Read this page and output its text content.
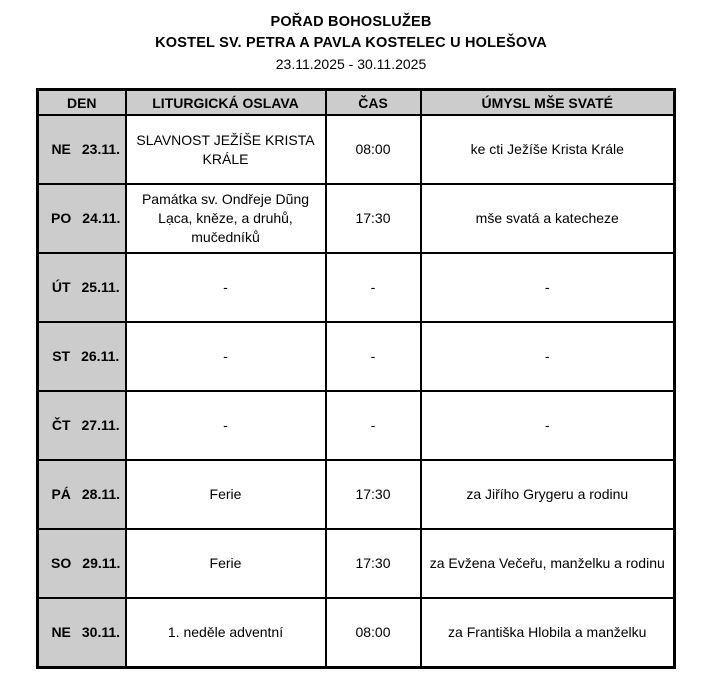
POŘAD BOHOSLUŽEB
KOSTEL SV. PETRA A PAVLA KOSTELEC U HOLEŠOVA
23.11.2025 - 30.11.2025
DEN	LITURGICKÁ OSLAVA	ČAS	ÚMYSL MŠE SVATÉ
NE 23.11.	SLAVNOST JEŽÍŠE KRISTA KRÁLE	08:00	ke cti Ježíše Krista Krále
PO 24.11.	Památka sv. Ondřeje Dũng Lạca, kněze, a druhů, mučedníků	17:30	mše svatá a katecheze
ÚT 25.11.	-	-	-
ST 26.11.	-	-	-
ČT 27.11.	-	-	-
PÁ 28.11.	Ferie	17:30	za Jiřího Grygeru a rodinu
SO 29.11.	Ferie	17:30	za Evžena Večeřu, manželku a rodinu
NE 30.11.	1. neděle adventní	08:00	za Františka Hlobila a manželku
